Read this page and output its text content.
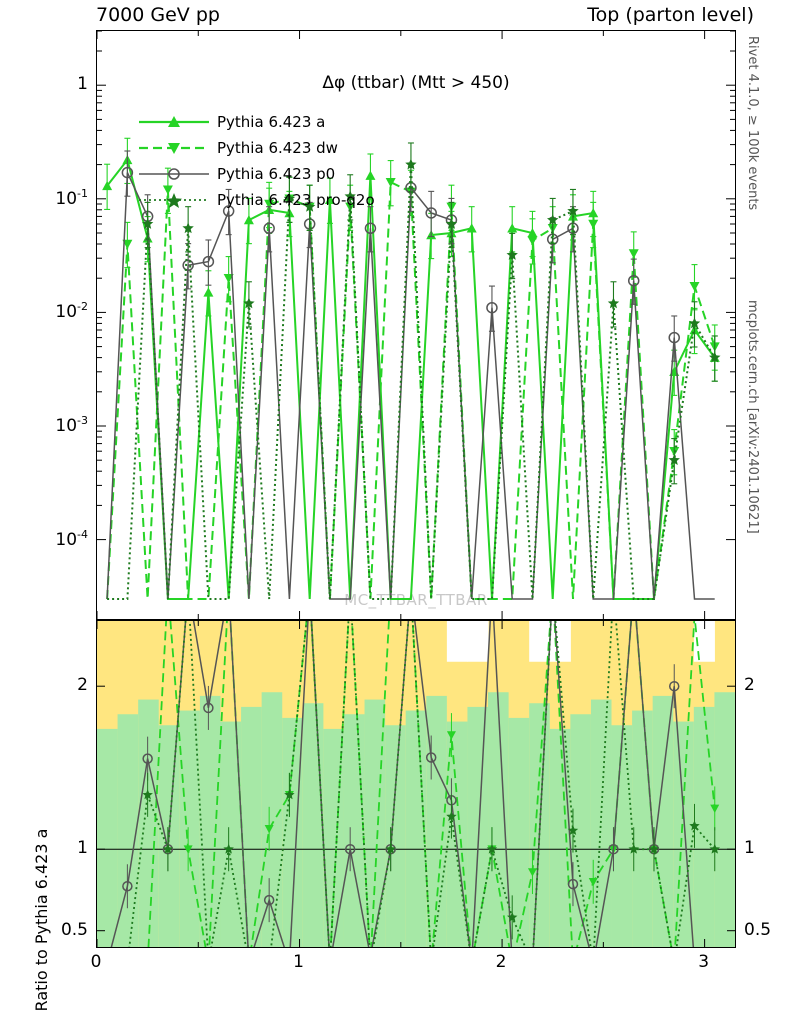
7000 GeV pp	Top (parton level)
Rivet 4.1.0, ≥ 100k events
mcplots.cern.ch [arXiv:2401.10621]
Δφ (ttbar) (Mtt > 450)
MC_TTBAR_TTBAR
Pythia 6.423 a
Pythia 6.423 dw
Pythia 6.423 p0
Pythia 6.423 pro-q2o
Ratio to Pythia 6.423 a
1
$10^{-1}$
$10^{-2}$
$10^{-3}$
$10^{-4}$
0	1	2	3
0.5	0.5
1	1
2	2
